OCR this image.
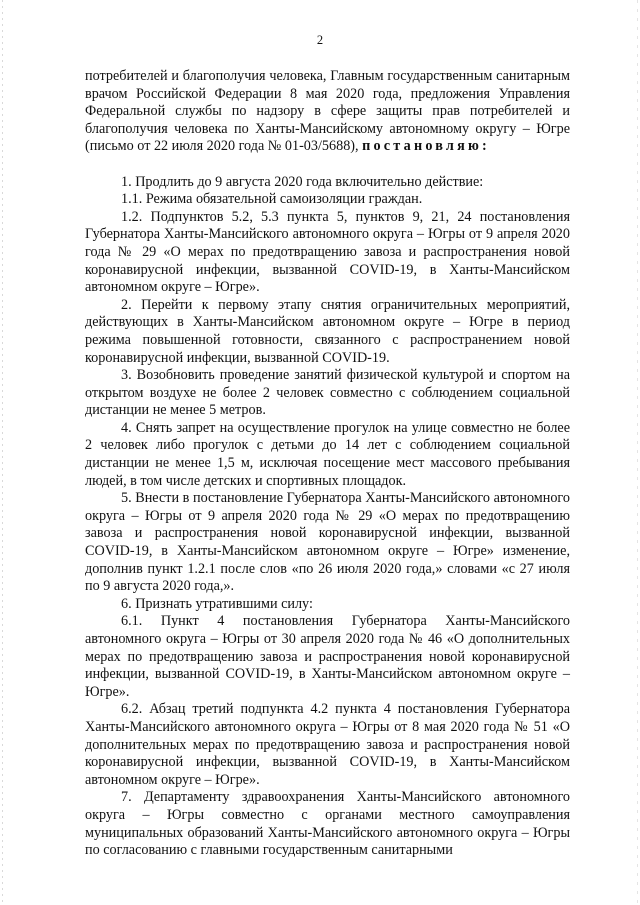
2

потребителей и благополучия человека, Главным государственным санитарным врачом Российской Федерации 8 мая 2020 года, предложения Управления Федеральной службы по надзору в сфере защиты прав потребителей и благополучия человека по Ханты-Мансийскому автономному округу – Югре (письмо от 22 июля 2020 года № 01-03/5688), постановляю:

1. Продлить до 9 августа 2020 года включительно действие:

1.1. Режима обязательной самоизоляции граждан.

1.2. Подпунктов 5.2, 5.3 пункта 5, пунктов 9, 21, 24 постановления Губернатора Ханты-Мансийского автономного округа – Югры от 9 апреля 2020 года № 29 «О мерах по предотвращению завоза и распространения новой коронавирусной инфекции, вызванной COVID-19, в Ханты-Мансийском автономном округе – Югре».

2. Перейти к первому этапу снятия ограничительных мероприятий, действующих в Ханты-Мансийском автономном округе – Югре в период режима повышенной готовности, связанного с распространением новой коронавирусной инфекции, вызванной COVID-19.

3. Возобновить проведение занятий физической культурой и спортом на открытом воздухе не более 2 человек совместно с соблюдением социальной дистанции не менее 5 метров.

4. Снять запрет на осуществление прогулок на улице совместно не более 2 человек либо прогулок с детьми до 14 лет с соблюдением социальной дистанции не менее 1,5 м, исключая посещение мест массового пребывания людей, в том числе детских и спортивных площадок.

5. Внести в постановление Губернатора Ханты-Мансийского автономного округа – Югры от 9 апреля 2020 года № 29 «О мерах по предотвращению завоза и распространения новой коронавирусной инфекции, вызванной COVID-19, в Ханты-Мансийском автономном округе – Югре» изменение, дополнив пункт 1.2.1 после слов «по 26 июля 2020 года,» словами «с 27 июля по 9 августа 2020 года,».

6. Признать утратившими силу:

6.1. Пункт 4 постановления Губернатора Ханты-Мансийского автономного округа – Югры от 30 апреля 2020 года № 46 «О дополнительных мерах по предотвращению завоза и распространения новой коронавирусной инфекции, вызванной COVID-19, в Ханты-Мансийском автономном округе – Югре».

6.2. Абзац третий подпункта 4.2 пункта 4 постановления Губернатора Ханты-Мансийского автономного округа – Югры от 8 мая 2020 года № 51 «О дополнительных мерах по предотвращению завоза и распространения новой коронавирусной инфекции, вызванной COVID-19, в Ханты-Мансийском автономном округе – Югре».

7. Департаменту здравоохранения Ханты-Мансийского автономного округа – Югры совместно с органами местного самоуправления муниципальных образований Ханты-Мансийского автономного округа – Югры по согласованию с главными государственным санитарными
